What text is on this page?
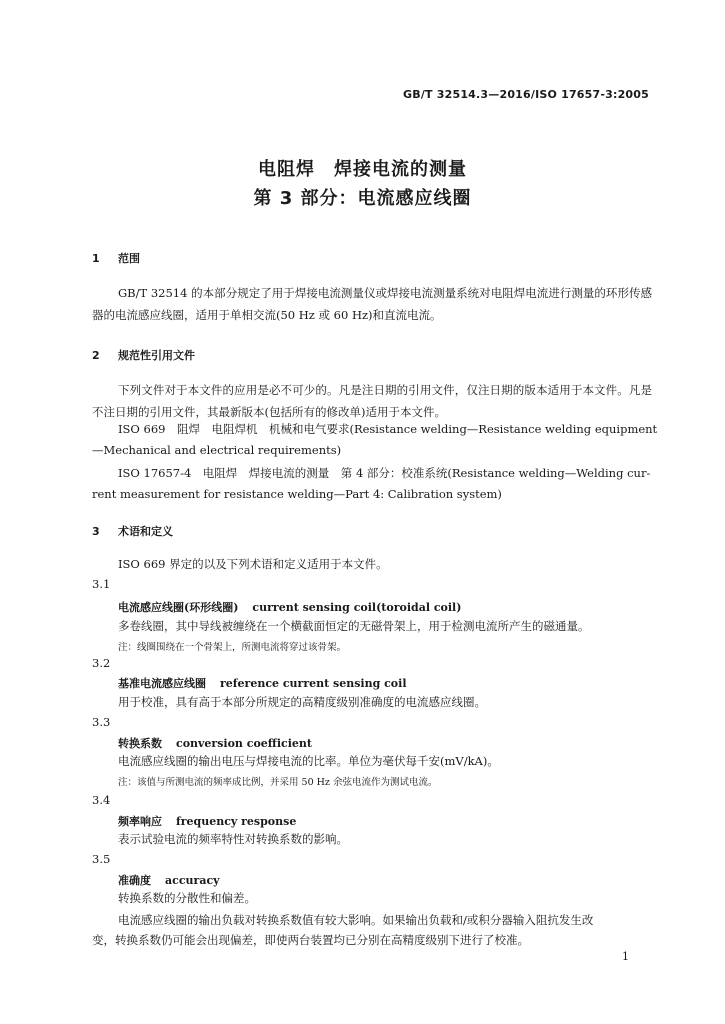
GB/T 32514.3—2016/ISO 17657-3:2005
电阻焊　焊接电流的测量
第 3 部分：电流感应线圈
1 范围
GB/T 32514 的本部分规定了用于焊接电流测量仪或焊接电流测量系统对电阻焊电流进行测量的环形传感器的电流感应线圈，适用于单相交流(50 Hz 或 60 Hz)和直流电流。
2 规范性引用文件
下列文件对于本文件的应用是必不可少的。凡是注日期的引用文件，仅注日期的版本适用于本文件。凡是不注日期的引用文件，其最新版本(包括所有的修改单)适用于本文件。
ISO 669　阻焊　电阻焊机　机械和电气要求(Resistance welding—Resistance welding equipment
—Mechanical and electrical requirements)
ISO 17657-4　电阻焊　焊接电流的测量　第 4 部分：校准系统(Resistance welding—Welding cur-
rent measurement for resistance welding—Part 4: Calibration system)
3 术语和定义
ISO 669 界定的以及下列术语和定义适用于本文件。
3.1
电流感应线圈(环形线圈) current sensing coil(toroidal coil)
多卷线圈，其中导线被缠绕在一个横截面恒定的无磁骨架上，用于检测电流所产生的磁通量。
注：线圈围绕在一个骨架上，所测电流将穿过该骨架。
3.2
基准电流感应线圈 reference current sensing coil
用于校准，具有高于本部分所规定的高精度级别准确度的电流感应线圈。
3.3
转换系数 conversion coefficient
电流感应线圈的输出电压与焊接电流的比率。单位为毫伏每千安(mV/kA)。
注：该值与所测电流的频率成比例，并采用 50 Hz 余弦电流作为测试电流。
3.4
频率响应 frequency response
表示试验电流的频率特性对转换系数的影响。
3.5
准确度 accuracy
转换系数的分散性和偏差。
电流感应线圈的输出负载对转换系数值有较大影响。如果输出负载和/或积分器输入阻抗发生改
变，转换系数仍可能会出现偏差，即使两台装置均已分别在高精度级别下进行了校准。
1
